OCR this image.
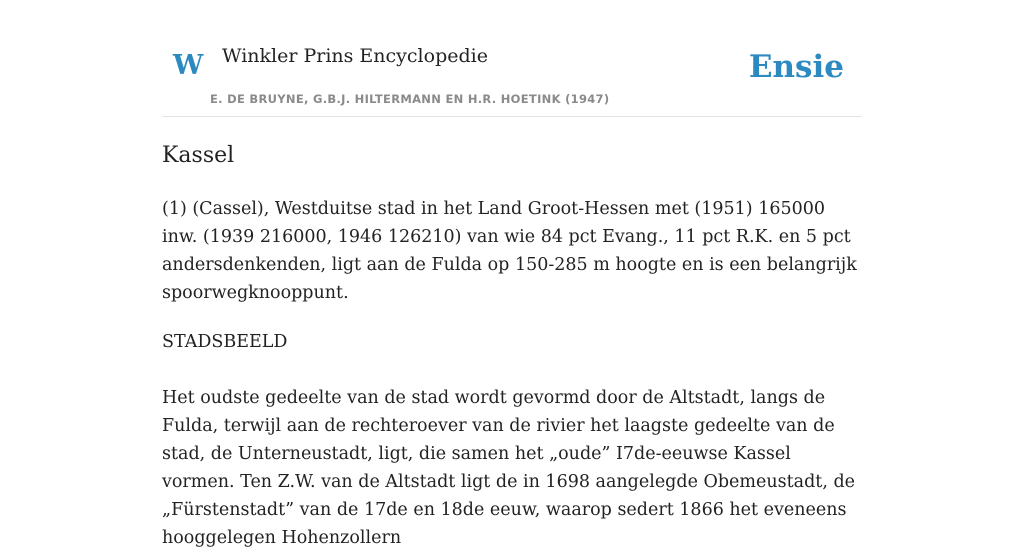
W Winkler Prins Encyclopedie
E. DE BRUYNE, G.B.J. HILTERMANN EN H.R. HOETINK (1947)
Ensie
Kassel

(1) (Cassel), Westduitse stad in het Land Groot-Hessen met (1951) 165000 inw. (1939 216000, 1946 126210) van wie 84 pct Evang., 11 pct R.K. en 5 pct andersdenkenden, ligt aan de Fulda op 150-285 m hoogte en is een belangrijk spoorwegknooppunt.

STADSBEELD

Het oudste gedeelte van de stad wordt gevormd door de Altstadt, langs de Fulda, terwijl aan de rechteroever van de rivier het laagste gedeelte van de stad, de Unterneustadt, ligt, die samen het „oude” I7de-eeuwse Kassel vormen. Ten Z.W. van de Altstadt ligt de in 1698 aangelegde Obemeustadt, de „Fürstenstadt” van de 17de en 18de eeuw, waarop sedert 1866 het eveneens hooggelegen Hohenzollern
